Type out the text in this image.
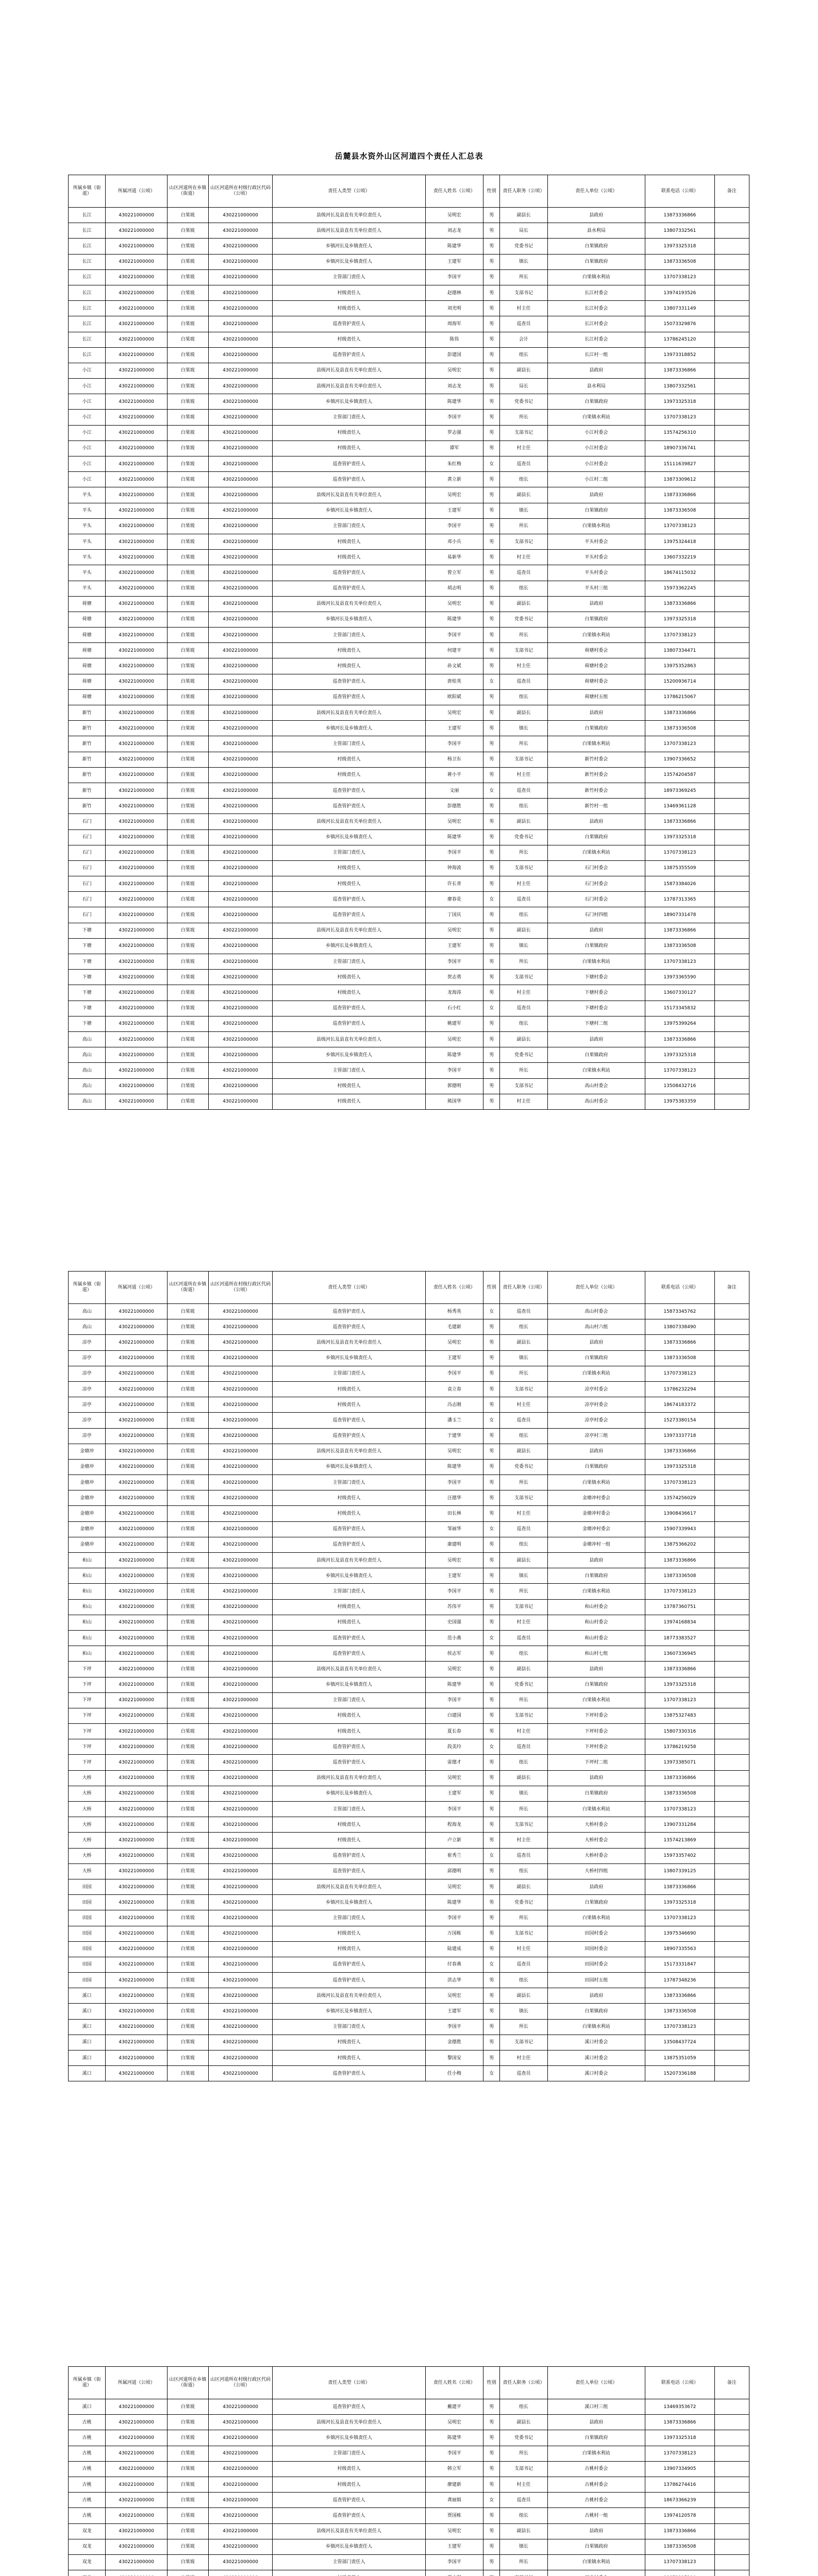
岳麓县水资外山区河道四个责任人汇总表
所属乡镇（街道）	所属河道（公顷）	山区河道所在乡镇（街道）	山区河道所在村级行政区代码（公顷）	责任人类型（公顷）	责任人姓名（公顷）	性别	责任人职务（公顷）	责任人单位（公顷）	联系电话（公顷）	备注
长江	430221000000	白果坡	430221000000	县级河长及县直有关单位责任人	吴明宏	男	副县长	县政府	13873336866	
长江	430221000000	白果坡	430221000000	县级河长及县直有关单位责任人	刘志龙	男	局长	县水利局	13807332561	
长江	430221000000	白果坡	430221000000	乡镇河长及乡镇责任人	陈建华	男	党委书记	白果镇政府	13973325318	
长江	430221000000	白果坡	430221000000	乡镇河长及乡镇责任人	王建军	男	镇长	白果镇政府	13873336508	
长江	430221000000	白果坡	430221000000	主管部门责任人	李国平	男	所长	白果镇水利站	13707338123	
长江	430221000000	白果坡	430221000000	村级责任人	赵德林	男	支部书记	长江村委会	13974193526	
长江	430221000000	白果坡	430221000000	村级责任人	刘光明	男	村主任	长江村委会	13807331149	
长江	430221000000	白果坡	430221000000	巡查管护责任人	周海军	男	巡查员	长江村委会	15073329876	
长江	430221000000	白果坡	430221000000	村级责任人	陈伟	男	会计	长江村委会	13786245120	
长江	430221000000	白果坡	430221000000	巡查管护责任人	彭建国	男	组长	长江村一组	13973318852	
小江	430221000000	白果坡	430221000000	县级河长及县直有关单位责任人	吴明宏	男	副县长	县政府	13873336866	
小江	430221000000	白果坡	430221000000	县级河长及县直有关单位责任人	刘志龙	男	局长	县水利局	13807332561	
小江	430221000000	白果坡	430221000000	乡镇河长及乡镇责任人	陈建华	男	党委书记	白果镇政府	13973325318	
小江	430221000000	白果坡	430221000000	主管部门责任人	李国平	男	所长	白果镇水利站	13707338123	
小江	430221000000	白果坡	430221000000	村级责任人	罗志强	男	支部书记	小江村委会	13574256310	
小江	430221000000	白果坡	430221000000	村级责任人	谭军	男	村主任	小江村委会	18907336741	
小江	430221000000	白果坡	430221000000	巡查管护责任人	朱红梅	女	巡查员	小江村委会	15111639827	
小江	430221000000	白果坡	430221000000	巡查管护责任人	黄立新	男	组长	小江村二组	13873309612	
平头	430221000000	白果坡	430221000000	县级河长及县直有关单位责任人	吴明宏	男	副县长	县政府	13873336866	
平头	430221000000	白果坡	430221000000	乡镇河长及乡镇责任人	王建军	男	镇长	白果镇政府	13873336508	
平头	430221000000	白果坡	430221000000	主管部门责任人	李国平	男	所长	白果镇水利站	13707338123	
平头	430221000000	白果坡	430221000000	村级责任人	邓小兵	男	支部书记	平头村委会	13975324418	
平头	430221000000	白果坡	430221000000	村级责任人	易新华	男	村主任	平头村委会	13607332219	
平头	430221000000	白果坡	430221000000	巡查管护责任人	曾立军	男	巡查员	平头村委会	18674115032	
平头	430221000000	白果坡	430221000000	巡查管护责任人	胡志明	男	组长	平头村三组	15973362245	
荷塘	430221000000	白果坡	430221000000	县级河长及县直有关单位责任人	吴明宏	男	副县长	县政府	13873336866	
荷塘	430221000000	白果坡	430221000000	乡镇河长及乡镇责任人	陈建华	男	党委书记	白果镇政府	13973325318	
荷塘	430221000000	白果坡	430221000000	主管部门责任人	李国平	男	所长	白果镇水利站	13707338123	
荷塘	430221000000	白果坡	430221000000	村级责任人	何建平	男	支部书记	荷塘村委会	13807334471	
荷塘	430221000000	白果坡	430221000000	村级责任人	孙文斌	男	村主任	荷塘村委会	13975352863	
荷塘	430221000000	白果坡	430221000000	巡查管护责任人	唐桂英	女	巡查员	荷塘村委会	15200936714	
荷塘	430221000000	白果坡	430221000000	巡查管护责任人	欧阳斌	男	组长	荷塘村五组	13786215067	
新竹	430221000000	白果坡	430221000000	县级河长及县直有关单位责任人	吴明宏	男	副县长	县政府	13873336866	
新竹	430221000000	白果坡	430221000000	乡镇河长及乡镇责任人	王建军	男	镇长	白果镇政府	13873336508	
新竹	430221000000	白果坡	430221000000	主管部门责任人	李国平	男	所长	白果镇水利站	13707338123	
新竹	430221000000	白果坡	430221000000	村级责任人	杨卫东	男	支部书记	新竹村委会	13907336652	
新竹	430221000000	白果坡	430221000000	村级责任人	蒋小平	男	村主任	新竹村委会	13574204587	
新竹	430221000000	白果坡	430221000000	巡查管护责任人	文丽	女	巡查员	新竹村委会	18973369245	
新竹	430221000000	白果坡	430221000000	巡查管护责任人	彭德胜	男	组长	新竹村一组	13469361128	
石门	430221000000	白果坡	430221000000	县级河长及县直有关单位责任人	吴明宏	男	副县长	县政府	13873336866	
石门	430221000000	白果坡	430221000000	乡镇河长及乡镇责任人	陈建华	男	党委书记	白果镇政府	13973325318	
石门	430221000000	白果坡	430221000000	主管部门责任人	李国平	男	所长	白果镇水利站	13707338123	
石门	430221000000	白果坡	430221000000	村级责任人	钟海波	男	支部书记	石门村委会	13875355509	
石门	430221000000	白果坡	430221000000	村级责任人	许长青	男	村主任	石门村委会	15873384026	
石门	430221000000	白果坡	430221000000	巡查管护责任人	廖春花	女	巡查员	石门村委会	13787313365	
石门	430221000000	白果坡	430221000000	巡查管护责任人	丁国庆	男	组长	石门村四组	18907331478	
下塘	430221000000	白果坡	430221000000	县级河长及县直有关单位责任人	吴明宏	男	副县长	县政府	13873336866	
下塘	430221000000	白果坡	430221000000	乡镇河长及乡镇责任人	王建军	男	镇长	白果镇政府	13873336508	
下塘	430221000000	白果坡	430221000000	主管部门责任人	李国平	男	所长	白果镇水利站	13707338123	
下塘	430221000000	白果坡	430221000000	村级责任人	贺志勇	男	支部书记	下塘村委会	13973365590	
下塘	430221000000	白果坡	430221000000	村级责任人	龙海涛	男	村主任	下塘村委会	13607330127	
下塘	430221000000	白果坡	430221000000	巡查管护责任人	石小红	女	巡查员	下塘村委会	15173345832	
下塘	430221000000	白果坡	430221000000	巡查管护责任人	姚建军	男	组长	下塘村二组	13975399264	
高山	430221000000	白果坡	430221000000	县级河长及县直有关单位责任人	吴明宏	男	副县长	县政府	13873336866	
高山	430221000000	白果坡	430221000000	乡镇河长及乡镇责任人	陈建华	男	党委书记	白果镇政府	13973325318	
高山	430221000000	白果坡	430221000000	主管部门责任人	李国平	男	所长	白果镇水利站	13707338123	
高山	430221000000	白果坡	430221000000	村级责任人	郭德明	男	支部书记	高山村委会	13508432716	
高山	430221000000	白果坡	430221000000	村级责任人	熊国华	男	村主任	高山村委会	13975383359	
所属乡镇（街道）	所属河道（公顷）	山区河道所在乡镇（街道）	山区河道所在村级行政区代码（公顷）	责任人类型（公顷）	责任人姓名（公顷）	性别	责任人职务（公顷）	责任人单位（公顷）	联系电话（公顷）	备注
高山	430221000000	白果坡	430221000000	巡查管护责任人	杨秀英	女	巡查员	高山村委会	15873345762	
高山	430221000000	白果坡	430221000000	巡查管护责任人	毛建新	男	组长	高山村六组	13807338490	
凉亭	430221000000	白果坡	430221000000	县级河长及县直有关单位责任人	吴明宏	男	副县长	县政府	13873336866	
凉亭	430221000000	白果坡	430221000000	乡镇河长及乡镇责任人	王建军	男	镇长	白果镇政府	13873336508	
凉亭	430221000000	白果坡	430221000000	主管部门责任人	李国平	男	所长	白果镇水利站	13707338123	
凉亭	430221000000	白果坡	430221000000	村级责任人	袁立春	男	支部书记	凉亭村委会	13786232294	
凉亭	430221000000	白果坡	430221000000	村级责任人	冯志刚	男	村主任	凉亭村委会	18674183372	
凉亭	430221000000	白果坡	430221000000	巡查管护责任人	潘玉兰	女	巡查员	凉亭村委会	15273380154	
凉亭	430221000000	白果坡	430221000000	巡查管护责任人	于建华	男	组长	凉亭村三组	13973337718	
金塘冲	430221000000	白果坡	430221000000	县级河长及县直有关单位责任人	吴明宏	男	副县长	县政府	13873336866	
金塘冲	430221000000	白果坡	430221000000	乡镇河长及乡镇责任人	陈建华	男	党委书记	白果镇政府	13973325318	
金塘冲	430221000000	白果坡	430221000000	主管部门责任人	李国平	男	所长	白果镇水利站	13707338123	
金塘冲	430221000000	白果坡	430221000000	村级责任人	汪德华	男	支部书记	金塘冲村委会	13574256029	
金塘冲	430221000000	白果坡	430221000000	村级责任人	田长林	男	村主任	金塘冲村委会	13908436617	
金塘冲	430221000000	白果坡	430221000000	巡查管护责任人	邹丽华	女	巡查员	金塘冲村委会	15907339943	
金塘冲	430221000000	白果坡	430221000000	巡查管护责任人	康建明	男	组长	金塘冲村一组	13875366202	
和山	430221000000	白果坡	430221000000	县级河长及县直有关单位责任人	吴明宏	男	副县长	县政府	13873336866	
和山	430221000000	白果坡	430221000000	乡镇河长及乡镇责任人	王建军	男	镇长	白果镇政府	13873336508	
和山	430221000000	白果坡	430221000000	主管部门责任人	李国平	男	所长	白果镇水利站	13707338123	
和山	430221000000	白果坡	430221000000	村级责任人	苏伟平	男	支部书记	和山村委会	13787360751	
和山	430221000000	白果坡	430221000000	村级责任人	史国强	男	村主任	和山村委会	13974168834	
和山	430221000000	白果坡	430221000000	巡查管护责任人	范小燕	女	巡查员	和山村委会	18773383527	
和山	430221000000	白果坡	430221000000	巡查管护责任人	侯志军	男	组长	和山村七组	13607336945	
下坪	430221000000	白果坡	430221000000	县级河长及县直有关单位责任人	吴明宏	男	副县长	县政府	13873336866	
下坪	430221000000	白果坡	430221000000	乡镇河长及乡镇责任人	陈建华	男	党委书记	白果镇政府	13973325318	
下坪	430221000000	白果坡	430221000000	主管部门责任人	李国平	男	所长	白果镇水利站	13707338123	
下坪	430221000000	白果坡	430221000000	村级责任人	白建国	男	支部书记	下坪村委会	13875327483	
下坪	430221000000	白果坡	430221000000	村级责任人	夏长春	男	村主任	下坪村委会	15807330316	
下坪	430221000000	白果坡	430221000000	巡查管护责任人	段美玲	女	巡查员	下坪村委会	13786219258	
下坪	430221000000	白果坡	430221000000	巡查管护责任人	雷德才	男	组长	下坪村二组	13973385071	
大桥	430221000000	白果坡	430221000000	县级河长及县直有关单位责任人	吴明宏	男	副县长	县政府	13873336866	
大桥	430221000000	白果坡	430221000000	乡镇河长及乡镇责任人	王建军	男	镇长	白果镇政府	13873336508	
大桥	430221000000	白果坡	430221000000	主管部门责任人	李国平	男	所长	白果镇水利站	13707338123	
大桥	430221000000	白果坡	430221000000	村级责任人	程海龙	男	支部书记	大桥村委会	13907331284	
大桥	430221000000	白果坡	430221000000	村级责任人	卢立新	男	村主任	大桥村委会	13574213869	
大桥	430221000000	白果坡	430221000000	巡查管护责任人	崔秀兰	女	巡查员	大桥村委会	15973357402	
大桥	430221000000	白果坡	430221000000	巡查管护责任人	邱德明	男	组长	大桥村四组	13807339125	
田园	430221000000	白果坡	430221000000	县级河长及县直有关单位责任人	吴明宏	男	副县长	县政府	13873336866	
田园	430221000000	白果坡	430221000000	乡镇河长及乡镇责任人	陈建华	男	党委书记	白果镇政府	13973325318	
田园	430221000000	白果坡	430221000000	主管部门责任人	李国平	男	所长	白果镇水利站	13707338123	
田园	430221000000	白果坡	430221000000	村级责任人	万国栋	男	支部书记	田园村委会	13975346690	
田园	430221000000	白果坡	430221000000	村级责任人	陆建成	男	村主任	田园村委会	18907335563	
田园	430221000000	白果坡	430221000000	巡查管护责任人	付春燕	女	巡查员	田园村委会	15173331847	
田园	430221000000	白果坡	430221000000	巡查管护责任人	洪志华	男	组长	田园村五组	13787348236	
溪口	430221000000	白果坡	430221000000	县级河长及县直有关单位责任人	吴明宏	男	副县长	县政府	13873336866	
溪口	430221000000	白果坡	430221000000	乡镇河长及乡镇责任人	王建军	男	镇长	白果镇政府	13873336508	
溪口	430221000000	白果坡	430221000000	主管部门责任人	李国平	男	所长	白果镇水利站	13707338123	
溪口	430221000000	白果坡	430221000000	村级责任人	金德胜	男	支部书记	溪口村委会	13508437724	
溪口	430221000000	白果坡	430221000000	村级责任人	黎国安	男	村主任	溪口村委会	13875351059	
溪口	430221000000	白果坡	430221000000	巡查管护责任人	任小梅	女	巡查员	溪口村委会	15207336188	
所属乡镇（街道）	所属河道（公顷）	山区河道所在乡镇（街道）	山区河道所在村级行政区代码（公顷）	责任人类型（公顷）	责任人姓名（公顷）	性别	责任人职务（公顷）	责任人单位（公顷）	联系电话（公顷）	备注
溪口	430221000000	白果坡	430221000000	巡查管护责任人	戴建平	男	组长	溪口村三组	13469353672	
古桃	430221000000	白果坡	430221000000	县级河长及县直有关单位责任人	吴明宏	男	副县长	县政府	13873336866	
古桃	430221000000	白果坡	430221000000	乡镇河长及乡镇责任人	陈建华	男	党委书记	白果镇政府	13973325318	
古桃	430221000000	白果坡	430221000000	主管部门责任人	李国平	男	所长	白果镇水利站	13707338123	
古桃	430221000000	白果坡	430221000000	村级责任人	韩立军	男	支部书记	古桃村委会	13907334905	
古桃	430221000000	白果坡	430221000000	村级责任人	廖建新	男	村主任	古桃村委会	13786274416	
古桃	430221000000	白果坡	430221000000	巡查管护责任人	龚丽娟	女	巡查员	古桃村委会	18673366239	
古桃	430221000000	白果坡	430221000000	巡查管护责任人	贾国栋	男	组长	古桃村一组	13974120578	
双龙	430221000000	白果坡	430221000000	县级河长及县直有关单位责任人	吴明宏	男	副县长	县政府	13873336866	
双龙	430221000000	白果坡	430221000000	乡镇河长及乡镇责任人	王建军	男	镇长	白果镇政府	13873336508	
双龙	430221000000	白果坡	430221000000	主管部门责任人	李国平	男	所长	白果镇水利站	13707338123	
